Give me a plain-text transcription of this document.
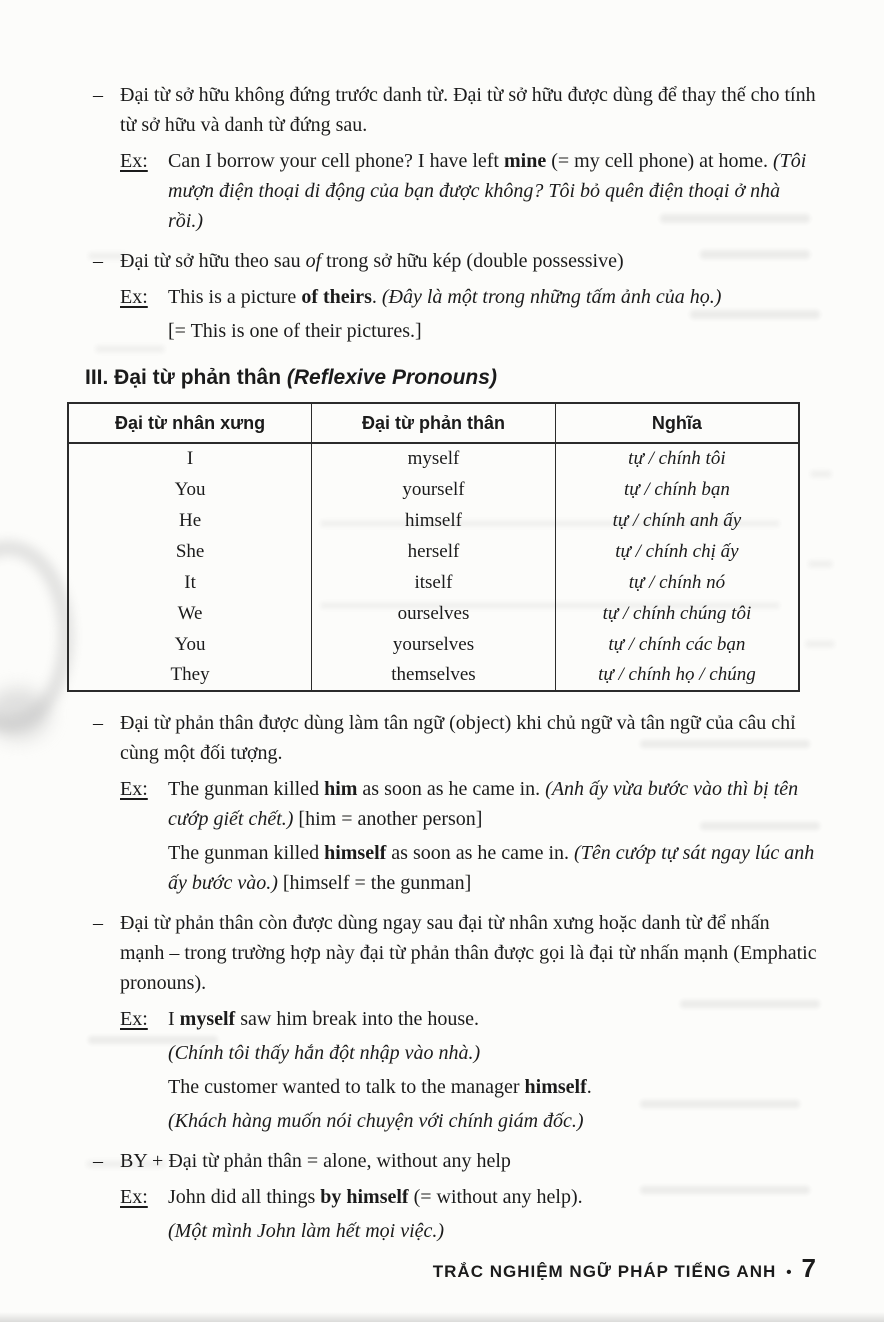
– Đại từ sở hữu không đứng trước danh từ. Đại từ sở hữu được dùng để thay thế cho tính từ sở hữu và danh từ đứng sau.
Ex:	Can I borrow your cell phone? I have left mine (= my cell phone) at home. (Tôi mượn điện thoại di động của bạn được không? Tôi bỏ quên điện thoại ở nhà rồi.)

– Đại từ sở hữu theo sau of trong sở hữu kép (double possessive)
Ex:	This is a picture of theirs. (Đây là một trong những tấm ảnh của họ.)

[= This is one of their pictures.]

III. Đại từ phản thân (Reflexive Pronouns)
Đại từ nhân xưng	Đại từ phản thân	Nghĩa
I	myself	tự / chính tôi
You	yourself	tự / chính bạn
He	himself	tự / chính anh ấy
She	herself	tự / chính chị ấy
It	itself	tự / chính nó
We	ourselves	tự / chính chúng tôi
You	yourselves	tự / chính các bạn
They	themselves	tự / chính họ / chúng
– Đại từ phản thân được dùng làm tân ngữ (object) khi chủ ngữ và tân ngữ của câu chỉ cùng một đối tượng.
Ex:	The gunman killed him as soon as he came in. (Anh ấy vừa bước vào thì bị tên cướp giết chết.) [him = another person]

The gunman killed himself as soon as he came in. (Tên cướp tự sát ngay lúc anh ấy bước vào.) [himself = the gunman]

– Đại từ phản thân còn được dùng ngay sau đại từ nhân xưng hoặc danh từ để nhấn mạnh – trong trường hợp này đại từ phản thân được gọi là đại từ nhấn mạnh (Emphatic pronouns).
Ex:	I myself saw him break into the house.

(Chính tôi thấy hắn đột nhập vào nhà.)

The customer wanted to talk to the manager himself.

(Khách hàng muốn nói chuyện với chính giám đốc.)

– BY + Đại từ phản thân = alone, without any help
Ex:	John did all things by himself (= without any help).

(Một mình John làm hết mọi việc.)

TRẮC NGHIỆM NGỮ PHÁP TIẾNG ANH • 7
